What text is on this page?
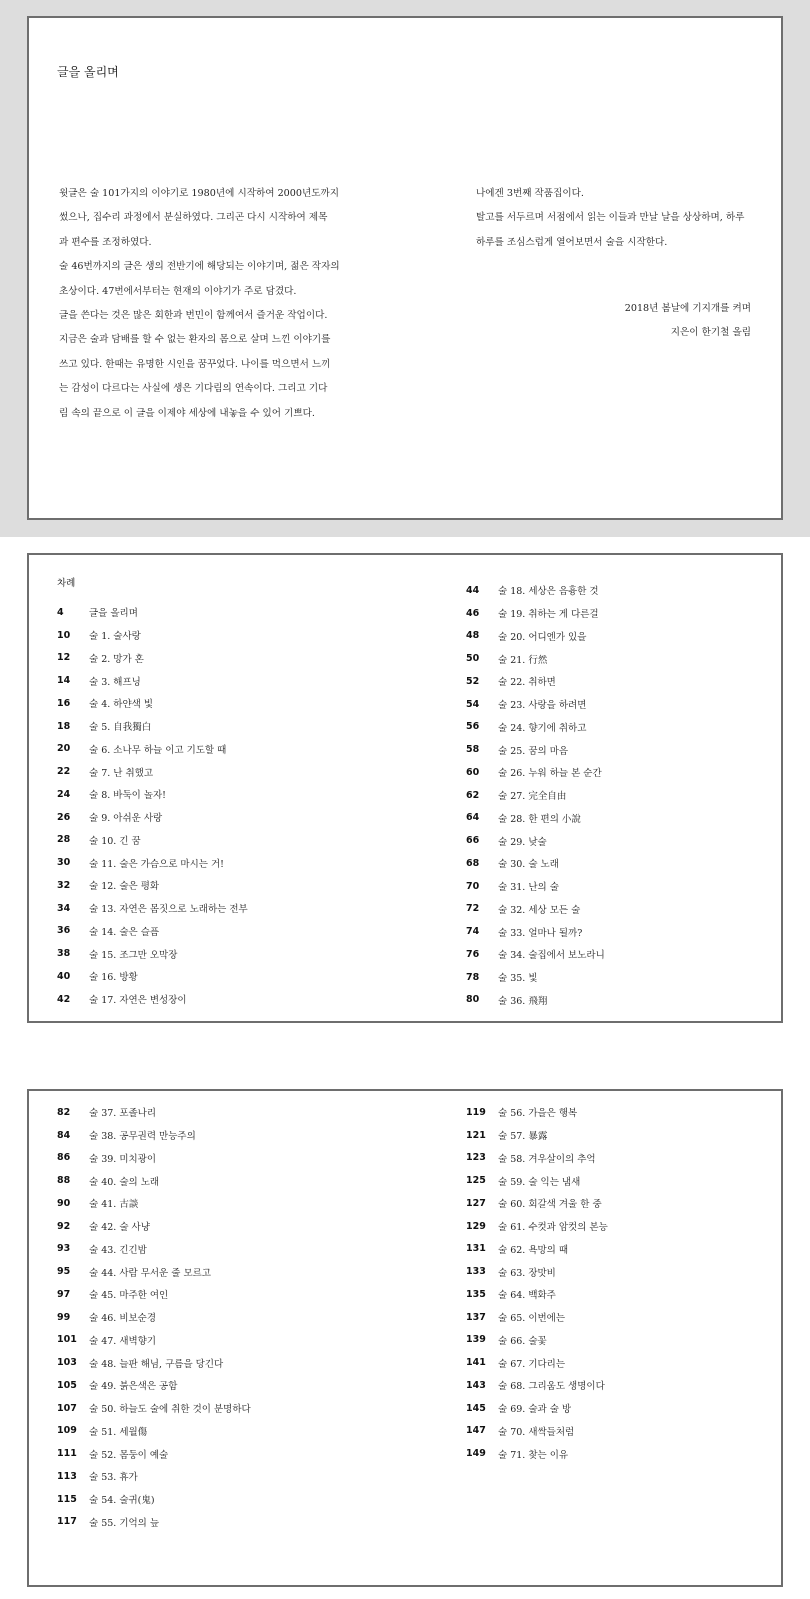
글을 올리며
윗글은 술 101가지의 이야기로 1980년에 시작하여 2000년도까지
썼으나, 집수리 과정에서 분실하였다. 그리곤 다시 시작하여 제목
과 편수를 조정하였다.
술 46번까지의 글은 생의 전반기에 해당되는 이야기며, 젊은 작자의
초상이다. 47번에서부터는 현재의 이야기가 주로 담겼다.
글을 쓴다는 것은 많은 회한과 번민이 함께여서 즐거운 작업이다.
지금은 술과 담배를 할 수 없는 환자의 몸으로 살며 느낀 이야기를
쓰고 있다. 한때는 유명한 시인을 꿈꾸었다. 나이를 먹으면서 느끼
는 감성이 다르다는 사실에 생은 기다림의 연속이다. 그리고 기다
림 속의 끝으로 이 글을 이제야 세상에 내놓을 수 있어 기쁘다.
나에겐 3번째 작품집이다.
탈고를 서두르며 서점에서 읽는 이들과 만날 날을 상상하며, 하루
하루를 조심스럽게 열어보면서 술을 시작한다.
2018년 봄날에 기지개를 켜며
지은이 한기철 올림
차례
4	글을 올리며
10	술 1. 술사랑
12	술 2. 망가 혼
14	술 3. 해프닝
16	술 4. 하얀색 빛
18	술 5. 自我獨白
20	술 6. 소나무 하늘 이고 기도할 때
22	술 7. 난 취했고
24	술 8. 바둑이 놀자!
26	술 9. 아쉬운 사랑
28	술 10. 긴 꿈
30	술 11. 술은 가슴으로 마시는 거!
32	술 12. 술은 평화
34	술 13. 자연은 몸짓으로 노래하는 전부
36	술 14. 술은 슬픔
38	술 15. 조그만 오막장
40	술 16. 방황
42	술 17. 자연은 변성장이
44	술 18. 세상은 음흉한 것
46	술 19. 취하는 게 다른걸
48	술 20. 어디엔가 있을
50	술 21. 行然
52	술 22. 취하면
54	술 23. 사랑을 하려면
56	술 24. 향기에 취하고
58	술 25. 꿈의 마음
60	술 26. 누워 하늘 본 순간
62	술 27. 完全自由
64	술 28. 한 편의 小說
66	술 29. 낮술
68	술 30. 술 노래
70	술 31. 난의 술
72	술 32. 세상 모든 술
74	술 33. 얼마나 될까?
76	술 34. 술집에서 보노라니
78	술 35. 빛
80	술 36. 飛翔
82	술 37. 포졸나리
84	술 38. 공무권력 만능주의
86	술 39. 미치광이
88	술 40. 술의 노래
90	술 41. 古談
92	술 42. 술 사냥
93	술 43. 긴긴밤
95	술 44. 사람 무서운 줄 모르고
97	술 45. 마주한 여인
99	술 46. 비보순경
101	술 47. 새벽향기
103	술 48. 늘판 해님, 구름을 당긴다
105	술 49. 붉은색은 공함
107	술 50. 하늘도 술에 취한 것이 분명하다
109	술 51. 세월傷
111	술 52. 몸둥이 예술
113	술 53. 휴가
115	술 54. 술귀(鬼)
117	술 55. 기억의 늪
119	술 56. 가을은 행복
121	술 57. 暴露
123	술 58. 겨우살이의 추억
125	술 59. 술 익는 냄새
127	술 60. 회갈색 겨울 한 중
129	술 61. 수컷과 암컷의 본능
131	술 62. 욕망의 때
133	술 63. 장맛비
135	술 64. 백화주
137	술 65. 이번에는
139	술 66. 술꽃
141	술 67. 기다리는
143	술 68. 그리움도 생명이다
145	술 69. 술과 술 방
147	술 70. 새싹들처럼
149	술 71. 찾는 이유
